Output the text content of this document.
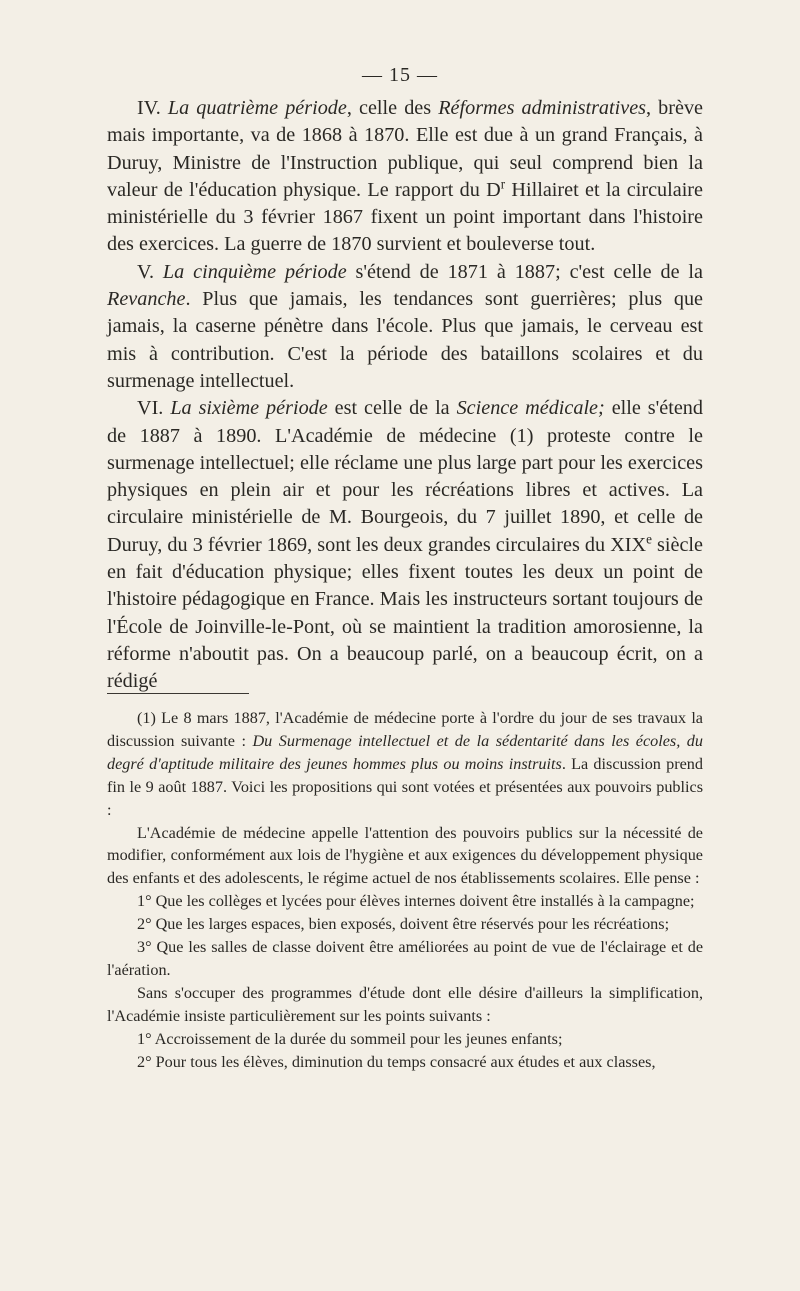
— 15 —

IV. La quatrième période, celle des Réformes administratives, brève mais importante, va de 1868 à 1870. Elle est due à un grand Français, à Duruy, Ministre de l'Instruction publique, qui seul comprend bien la valeur de l'éducation physique. Le rapport du $D^r$ Hillairet et la circulaire ministérielle du 3 février 1867 fixent un point important dans l'histoire des exercices. La guerre de 1870 survient et bouleverse tout.

V. La cinquième période s'étend de 1871 à 1887; c'est celle de la Revanche. Plus que jamais, les tendances sont guerrières; plus que jamais, la caserne pénètre dans l'école. Plus que jamais, le cerveau est mis à contribution. C'est la période des bataillons scolaires et du surmenage intellectuel.

VI. La sixième période est celle de la Science médicale; elle s'étend de 1887 à 1890. L'Académie de médecine (1) proteste contre le surmenage intellectuel; elle réclame une plus large part pour les exercices physiques en plein air et pour les récréations libres et actives. La circulaire ministérielle de M. Bourgeois, du 7 juillet 1890, et celle de Duruy, du 3 février 1869, sont les deux grandes circulaires du XIXe siècle en fait d'éducation physique; elles fixent toutes les deux un point de l'histoire pédagogique en France. Mais les instructeurs sortant toujours de l'École de Joinville-le-Pont, où se maintient la tradition amorosienne, la réforme n'aboutit pas. On a beaucoup parlé, on a beaucoup écrit, on a rédigé

(1) Le 8 mars 1887, l'Académie de médecine porte à l'ordre du jour de ses travaux la discussion suivante : Du Surmenage intellectuel et de la sédentarité dans les écoles, du degré d'aptitude militaire des jeunes hommes plus ou moins instruits. La discussion prend fin le 9 août 1887. Voici les propositions qui sont votées et présentées aux pouvoirs publics :

L'Académie de médecine appelle l'attention des pouvoirs publics sur la nécessité de modifier, conformément aux lois de l'hygiène et aux exigences du développement physique des enfants et des adolescents, le régime actuel de nos établissements scolaires. Elle pense :

1° Que les collèges et lycées pour élèves internes doivent être installés à la campagne;

2° Que les larges espaces, bien exposés, doivent être réservés pour les récréations;

3° Que les salles de classe doivent être améliorées au point de vue de l'éclairage et de l'aération.

Sans s'occuper des programmes d'étude dont elle désire d'ailleurs la simplification, l'Académie insiste particulièrement sur les points suivants :

1° Accroissement de la durée du sommeil pour les jeunes enfants;

2° Pour tous les élèves, diminution du temps consacré aux études et aux classes,
